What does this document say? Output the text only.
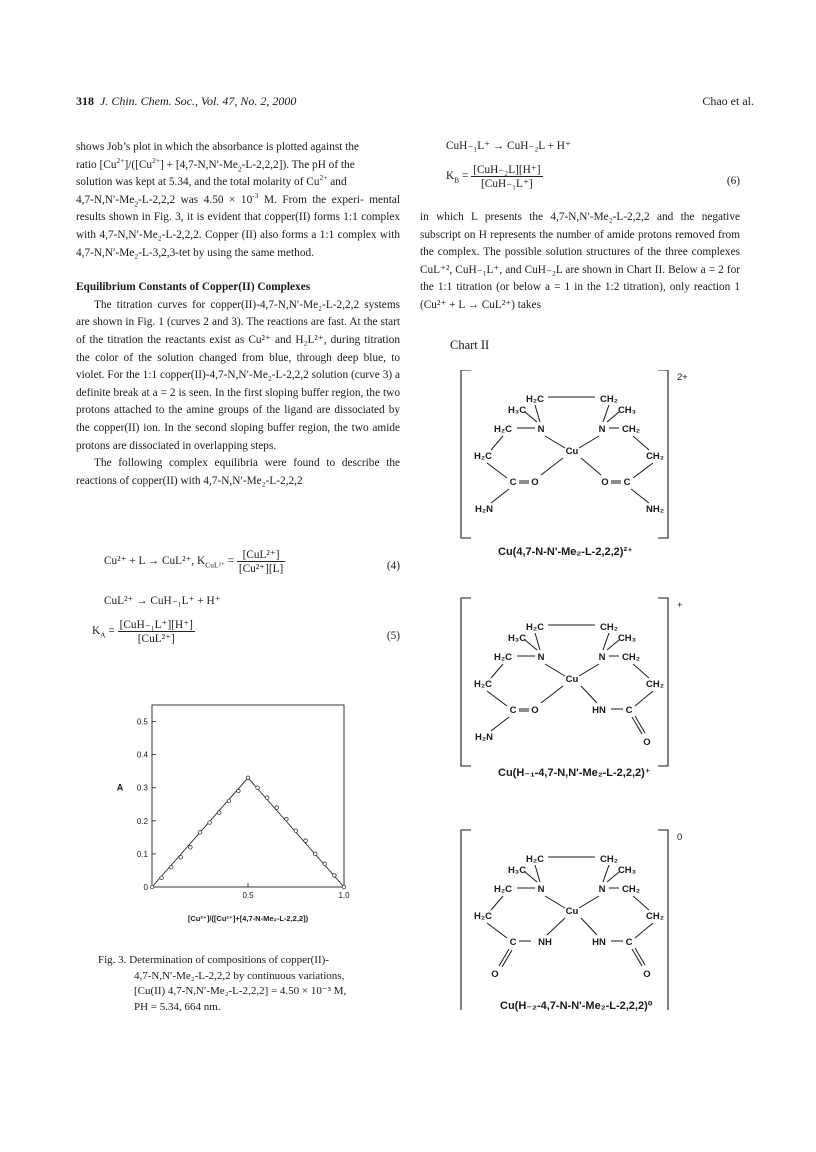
318 J. Chin. Chem. Soc., Vol. 47, No. 2, 2000	Chao et al.

shows Job’s plot in which the absorbance is plotted against the
ratio $[Cu^{2+}]/([Cu^{2+}] + [4,7-N,N'-Me_2-L-2,2,2])$. The pH of the
solution was kept at 5.34, and the total molarity of $Cu^{2+}$ and
$4,7-N,N'-Me_2-L-2,2,2$ was $4.50 \times 10^{-3}$ M. From the experi- mental results shown in Fig. 3, it is evident that copper(II) forms 1:1 complex with 4,7-N,N′-Me₂-L-2,2,2. Copper (II) also forms a 1:1 complex with 4,7-N,N′-Me₂-L-3,2,3-tet by using the same method.

Equilibrium Constants of Copper(II) Complexes

The titration curves for copper(II)-4,7-N,N′-Me₂-L-2,2,2 systems are shown in Fig. 1 (curves 2 and 3). The reactions are fast. At the start of the titration the reactants exist as Cu²⁺ and H₂L²⁺, during titration the color of the solution changed from blue, through deep blue, to violet. For the 1:1 copper(II)-4,7-N,N′-Me₂-L-2,2,2 solution (curve 3) a definite break at a = 2 is seen. In the first sloping buffer region, the two protons attached to the amine groups of the ligand are dissociated by the copper(II) ion. In the second sloping buffer region, the two amide protons are dissociated in overlapping steps.

The following complex equilibria were found to describe the reactions of copper(II) with 4,7-N,N′-Me₂-L-2,2,2

Cu²⁺ + L → CuL²⁺, $K_{CuL^{2+}} = \frac{\text{[CuL²⁺]}}{\text{[Cu²⁺][L]}}$	(4)
CuL²⁺ → CuH₋₁L⁺ + H⁺
$K_A = \frac{\text{[CuH₋₁L⁺][H⁺]}}{\text{[CuL²⁺]}}$	(5)
0.5
0.4
0.3
0.2
0.1
0
A
0.5	1.0
[Cu²⁺]/([Cu²⁺]+[4,7-N-Me₂-L-2,2,2])
Fig. 3. Determination of compositions of copper(II)-
4,7-N,N′-Me₂-L-2,2,2 by continuous variations,
[Cu(II) 4,7-N,N′-Me₂-L-2,2,2] = 4.50 × 10⁻³ M,
PH = 5.34, 664 nm.
CuH₋₁L⁺ → CuH₋₂L + H⁺
$K_B = \frac{\text{[CuH₋₂L][H⁺]}}{\text{[CuH₋₁L⁺]}}$	(6)

in which L presents the 4,7-N,N′-Me₂-L-2,2,2 and the negative subscript on H represents the number of amide protons removed from the complex. The possible solution structures of the three complexes CuL⁺², CuH₋₁L⁺, and CuH₋₂L are shown in Chart II. Below a = 2 for the 1:1 titration (or below a = 1 in the 1:2 titration), only reaction 1 (Cu²⁺ + L → CuL²⁺) takes

Chart II
2+
H₂C	CH₂
H₃C	CH₃
N	N
H₂C	CH₂
Cu
H₂C	CH₂
C O
H₂N
O C
NH₂
+
H₂C	CH₂
H₃C	CH₃
N	N
H₂C	CH₂
Cu
H₂C	CH₂
C O
H₂N
HN C
O
0
H₂C	CH₂
H₃C	CH₃
N	N
H₂C	CH₂
Cu
H₂C	CH₂
C NH
O
HN C
O
Cu(4,7-N-N'-Me₂-L-2,2,2)²⁺
Cu(H₋₁-4,7-N,N'-Me₂-L-2,2,2)⁺
Cu(H₋₂-4,7-N-N'-Me₂-L-2,2,2)⁰
